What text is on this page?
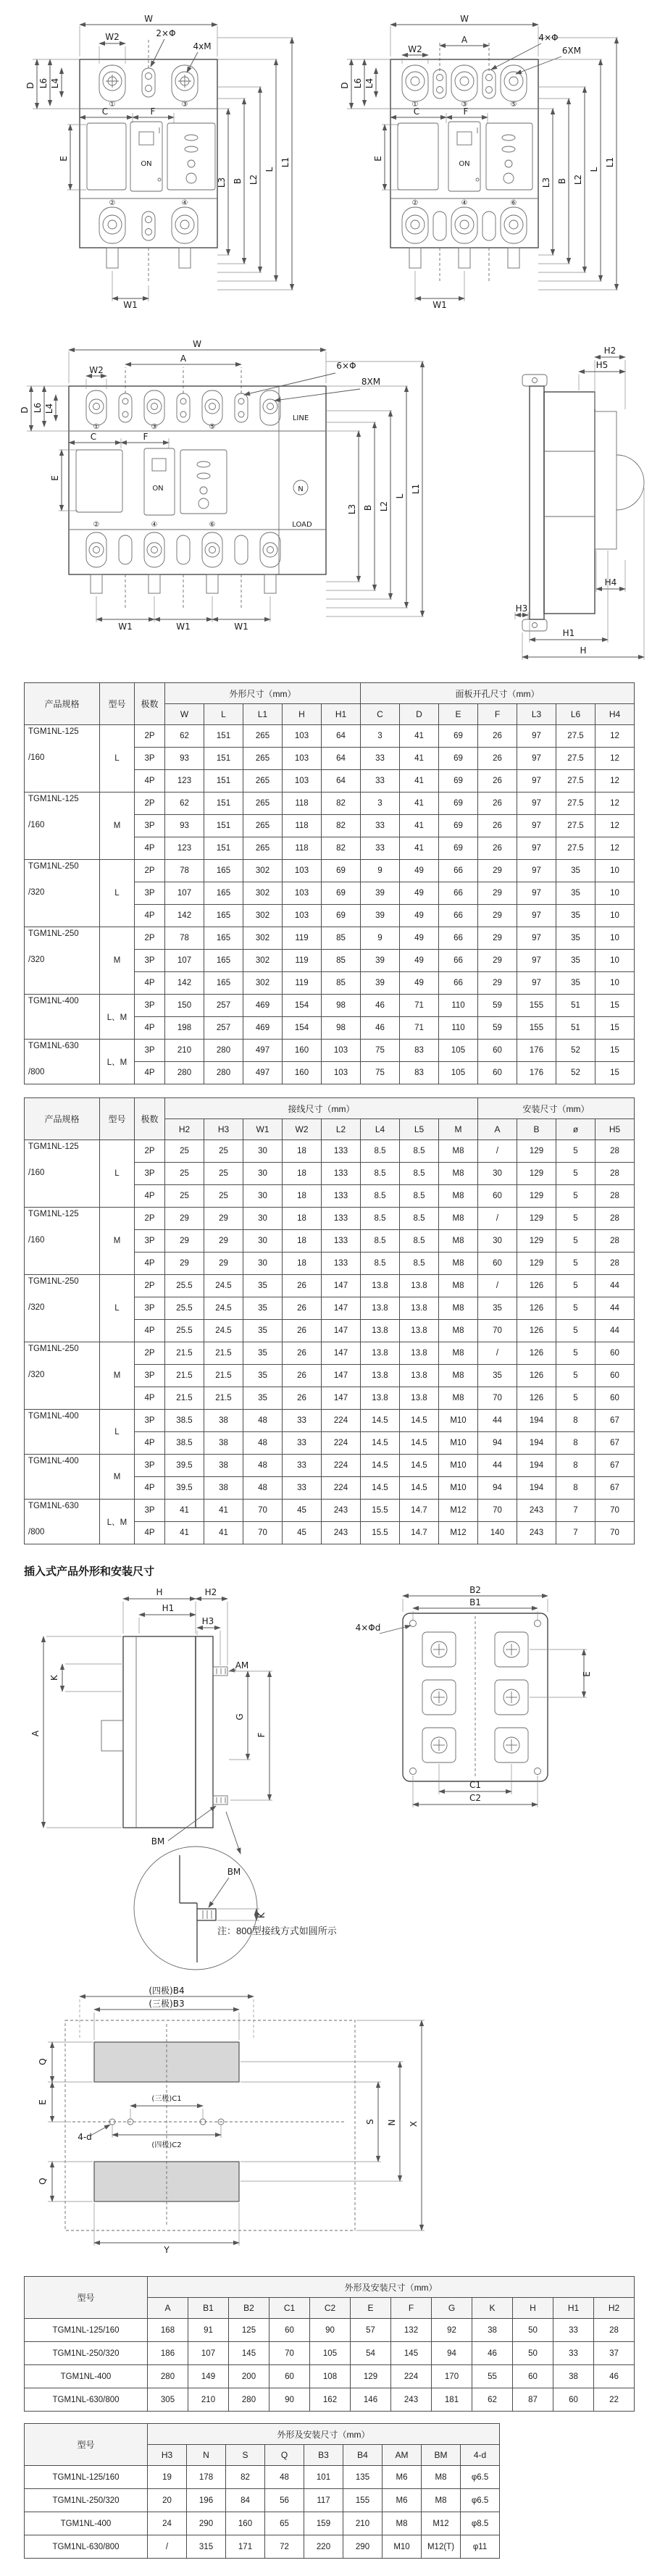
W
W2	2×Φ
4xM
D L6 L4
①	③
C	F
E
ON
②	④
W1
L3 B L2
L
L1
W
A
W2
4×Φ
6XM
D L6 L4
①	③	⑤
C	F
E
ON
②	④	⑥
W1
L3 B L2
L
L1
W
A
W2	6×Φ
8XM
LINE
①	③	⑤
D L6 L4
C	F
E
ON	N
②	④	⑥	LOAD
W1	W1	W1
L3 B L2
L
L1
H2
H5
H4
H3
H1
H
产品规格	型号	极数	外形尺寸（mm）					面板开孔尺寸（mm）						
			W	L	L1	H	H1	C	D	E	F	L3	L6	H4

TGM1NL-125
/160	L	2P	62	151	265	103	64	3	41	69	26	97	27.5	12
		3P	93	151	265	103	64	33	41	69	26	97	27.5	12
		4P	123	151	265	103	64	33	41	69	26	97	27.5	12

TGM1NL-125
/160	M	2P	62	151	265	118	82	3	41	69	26	97	27.5	12
		3P	93	151	265	118	82	33	41	69	26	97	27.5	12
		4P	123	151	265	118	82	33	41	69	26	97	27.5	12

TGM1NL-250
/320	L	2P	78	165	302	103	69	9	49	66	29	97	35	10
		3P	107	165	302	103	69	39	49	66	29	97	35	10
		4P	142	165	302	103	69	39	49	66	29	97	35	10

TGM1NL-250
/320	M	2P	78	165	302	119	85	9	49	66	29	97	35	10
		3P	107	165	302	119	85	39	49	66	29	97	35	10
		4P	142	165	302	119	85	39	49	66	29	97	35	10

TGM1NL-400	L、M	3P	150	257	469	154	98	46	71	110	59	155	51	15
		4P	198	257	469	154	98	46	71	110	59	155	51	15

TGM1NL-630
/800	L、M	3P	210	280	497	160	103	75	83	105	60	176	52	15
		4P	280	280	497	160	103	75	83	105	60	176	52	15
产品规格	型号	极数	接线尺寸（mm）								安装尺寸（mm）			
			H2	H3	W1	W2	L2	L4	L5	M	A	B	ø	H5

TGM1NL-125
/160	L	2P	25	25	30	18	133	8.5	8.5	M8	/	129	5	28
		3P	25	25	30	18	133	8.5	8.5	M8	30	129	5	28
		4P	25	25	30	18	133	8.5	8.5	M8	60	129	5	28

TGM1NL-125
/160	M	2P	29	29	30	18	133	8.5	8.5	M8	/	129	5	28
		3P	29	29	30	18	133	8.5	8.5	M8	30	129	5	28
		4P	29	29	30	18	133	8.5	8.5	M8	60	129	5	28

TGM1NL-250
/320	L	2P	25.5	24.5	35	26	147	13.8	13.8	M8	/	126	5	44
		3P	25.5	24.5	35	26	147	13.8	13.8	M8	35	126	5	44
		4P	25.5	24.5	35	26	147	13.8	13.8	M8	70	126	5	44

TGM1NL-250
/320	M	2P	21.5	21.5	35	26	147	13.8	13.8	M8	/	126	5	60
		3P	21.5	21.5	35	26	147	13.8	13.8	M8	35	126	5	60
		4P	21.5	21.5	35	26	147	13.8	13.8	M8	70	126	5	60

TGM1NL-400	L	3P	38.5	38	48	33	224	14.5	14.5	M10	44	194	8	67
		4P	38.5	38	48	33	224	14.5	14.5	M10	94	194	8	67

TGM1NL-400	M	3P	39.5	38	48	33	224	14.5	14.5	M10	44	194	8	67
		4P	39.5	38	48	33	224	14.5	14.5	M10	94	194	8	67

TGM1NL-630
/800	L、M	3P	41	41	70	45	243	15.5	14.7	M12	70	243	7	70
		4P	41	41	70	45	243	15.5	14.7	M12	140	243	7	70
插入式产品外形和安装尺寸
H	H2
H1
H3
A
K
AM
G
F
BM
BM
K
B2
B1
4×Φd
E
C1
C2
注：800型接线方式如圆所示
(四极)B4
(三极)B3
Q
E
Q
(三极)C1
(四极)C2
4-d
S N X
Y
型号	外形及安装尺寸（mm）											
	A	B1	B2	C1	C2	E	F	G	K	H	H1	H2
TGM1NL-125/160	168	91	125	60	90	57	132	92	38	50	33	28
TGM1NL-250/320	186	107	145	70	105	54	145	94	46	50	33	37
TGM1NL-400	280	149	200	60	108	129	224	170	55	60	38	46
TGM1NL-630/800	305	210	280	90	162	146	243	181	62	87	60	22
型号	外形及安装尺寸（mm）								
	H3	N	S	Q	B3	B4	AM	BM	4-d
TGM1NL-125/160	19	178	82	48	101	135	M6	M8	φ6.5
TGM1NL-250/320	20	196	84	56	117	155	M6	M8	φ6.5
TGM1NL-400	24	290	160	65	159	210	M8	M12	φ8.5
TGM1NL-630/800	/	315	171	72	220	290	M10	M12(T)	φ11
